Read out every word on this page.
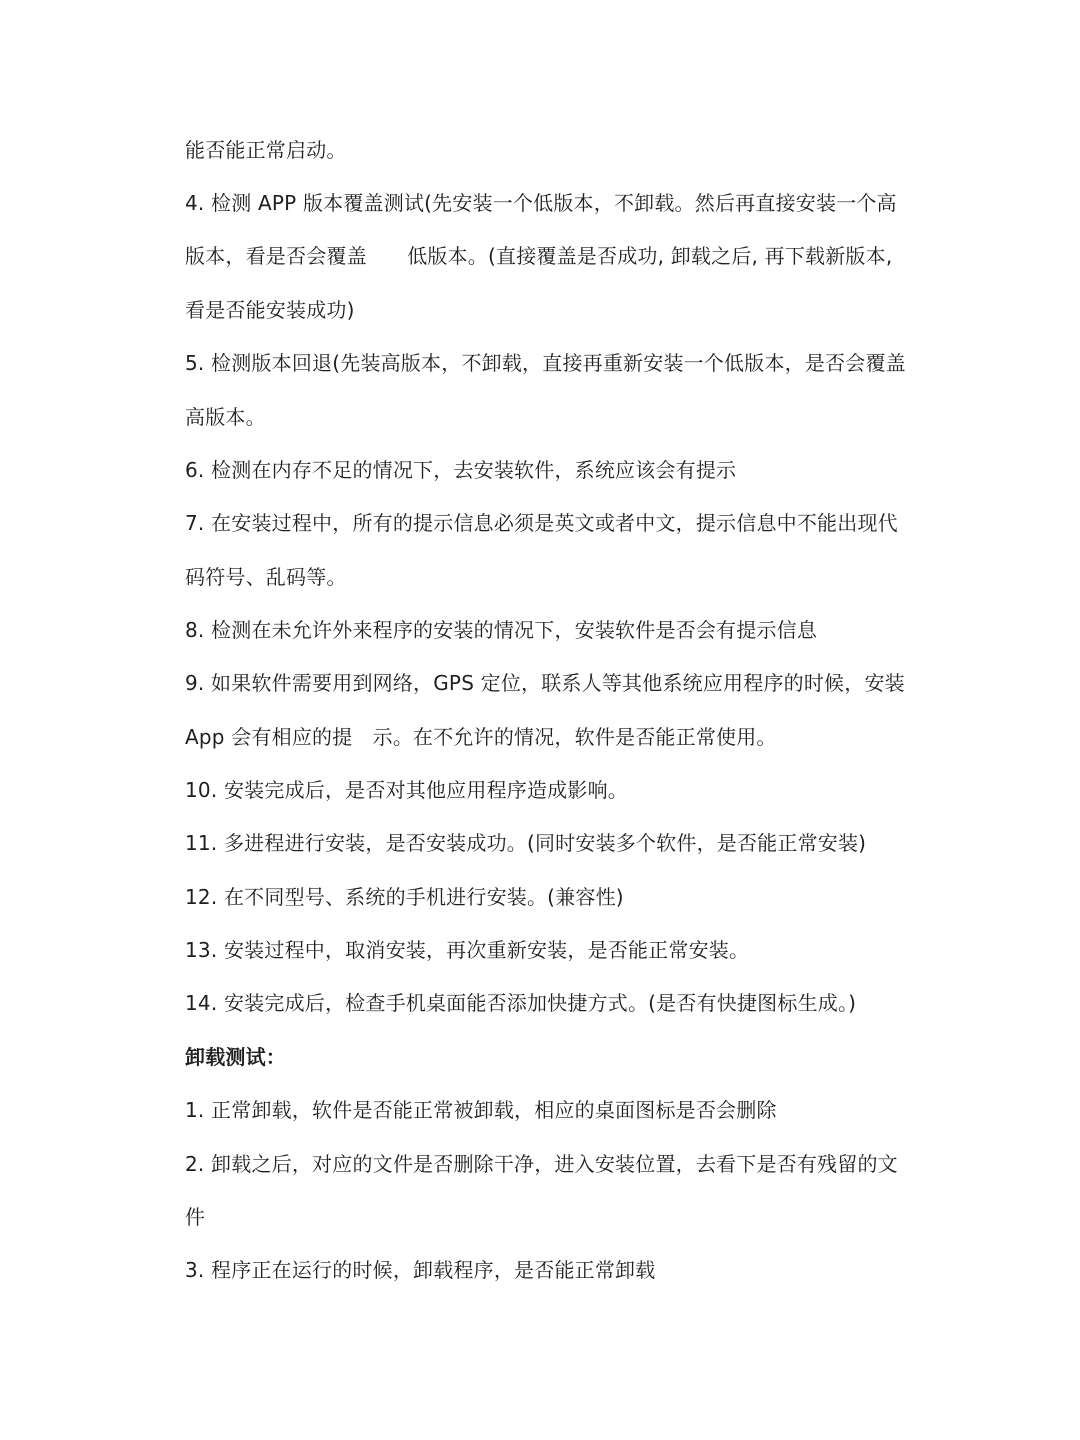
能否能正常启动。
4. 检测 APP 版本覆盖测试(先安装一个低版本，不卸载。然后再直接安装一个高
版本，看是否会覆盖　　低版本。(直接覆盖是否成功, 卸载之后, 再下载新版本,
看是否能安装成功)
5. 检测版本回退(先装高版本，不卸载，直接再重新安装一个低版本，是否会覆盖
高版本。
6. 检测在内存不足的情况下，去安装软件，系统应该会有提示
7. 在安装过程中，所有的提示信息必须是英文或者中文，提示信息中不能出现代
码符号、乱码等。
8. 检测在未允许外来程序的安装的情况下，安装软件是否会有提示信息
9. 如果软件需要用到网络，GPS 定位，联系人等其他系统应用程序的时候，安装
App 会有相应的提　示。在不允许的情况，软件是否能正常使用。
10. 安装完成后，是否对其他应用程序造成影响。
11. 多进程进行安装，是否安装成功。(同时安装多个软件，是否能正常安装)
12. 在不同型号、系统的手机进行安装。(兼容性)
13. 安装过程中，取消安装，再次重新安装，是否能正常安装。
14. 安装完成后，检查手机桌面能否添加快捷方式。(是否有快捷图标生成。)
卸载测试：
1. 正常卸载，软件是否能正常被卸载，相应的桌面图标是否会删除
2. 卸载之后，对应的文件是否删除干净，进入安装位置，去看下是否有残留的文
件
3. 程序正在运行的时候，卸载程序，是否能正常卸载
